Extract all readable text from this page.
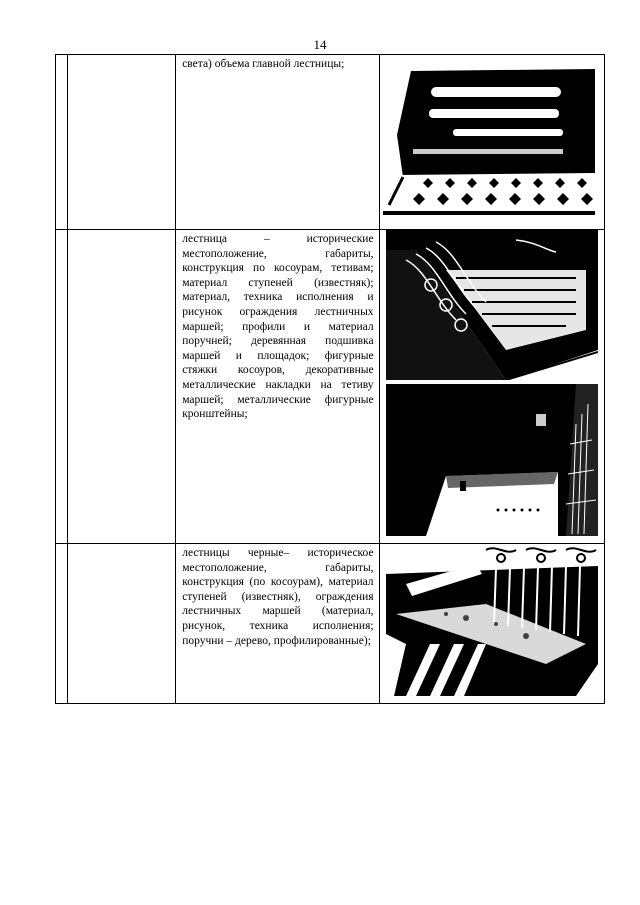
14

		света) объема главной лестницы;

		лестница – исторические местоположение, габариты, конструкция по косоурам, тетивам; материал ступеней (известняк); материал, техника исполнения и рисунок ограждения лестничных маршей; профили и материал поручней; деревянная подшивка маршей и площадок; фигурные стяжки косоуров, декоративные металлические накладки на тетиву маршей; металлические фигурные кронштейны;

		лестницы черные– историческое местоположение, габариты, конструкция (по косоурам), материал ступеней (известняк), ограждения лестничных маршей (материал, рисунок, техника исполнения; поручни – дерево, профилированные);
